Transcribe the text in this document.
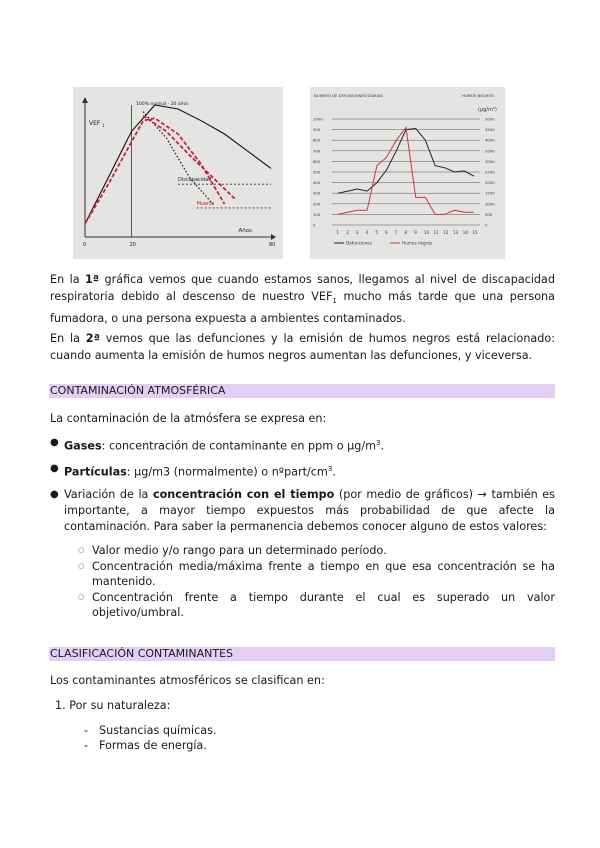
100% normal - 20 años
VEF 1
Discapacidad
Muerte
Años
0	20	80
NUMERO DE DEFUNCIONES DIARIAS	HUMOS NEGROS
(µg/m³)
0
100
200
300
400
500
600
700
800
900
1000
0
500
1000
1500
2000
2500
3000
3500
4000
4500
5000
1 2 3 4 5 6 7 8 9 10 11 12 13 14 15
Defunciones	Humos negros
En la 1ª gráfica vemos que cuando estamos sanos, llegamos al nivel de discapacidad respiratoria debido al descenso de nuestro $VEF_1$ mucho más tarde que una persona fumadora, o una persona expuesta a ambientes contaminados.
En la 2ª vemos que las defunciones y la emisión de humos negros está relacionado: cuando aumenta la emisión de humos negros aumentan las defunciones, y viceversa.
CONTAMINACIÓN ATMOSFÉRICA
La contaminación de la atmósfera se expresa en:
● Gases: concentración de contaminante en ppm o $\mu g/m^3$.
● Partículas: µg/m3 (normalmente) o nºpart/$cm^3$.
● Variación de la concentración con el tiempo (por medio de gráficos) → también es importante, a mayor tiempo expuestos más probabilidad de que afecte la contaminación. Para saber la permanencia debemos conocer alguno de estos valores:
○ Valor medio y/o rango para un determinado período.
○ Concentración media/máxima frente a tiempo en que esa concentración se ha mantenido.
○ Concentración frente a tiempo durante el cual es superado un valor objetivo/umbral.
CLASIFICACIÓN CONTAMINANTES
Los contaminantes atmosféricos se clasifican en:
1. Por su naturaleza:
- Sustancias químicas.
- Formas de energía.
